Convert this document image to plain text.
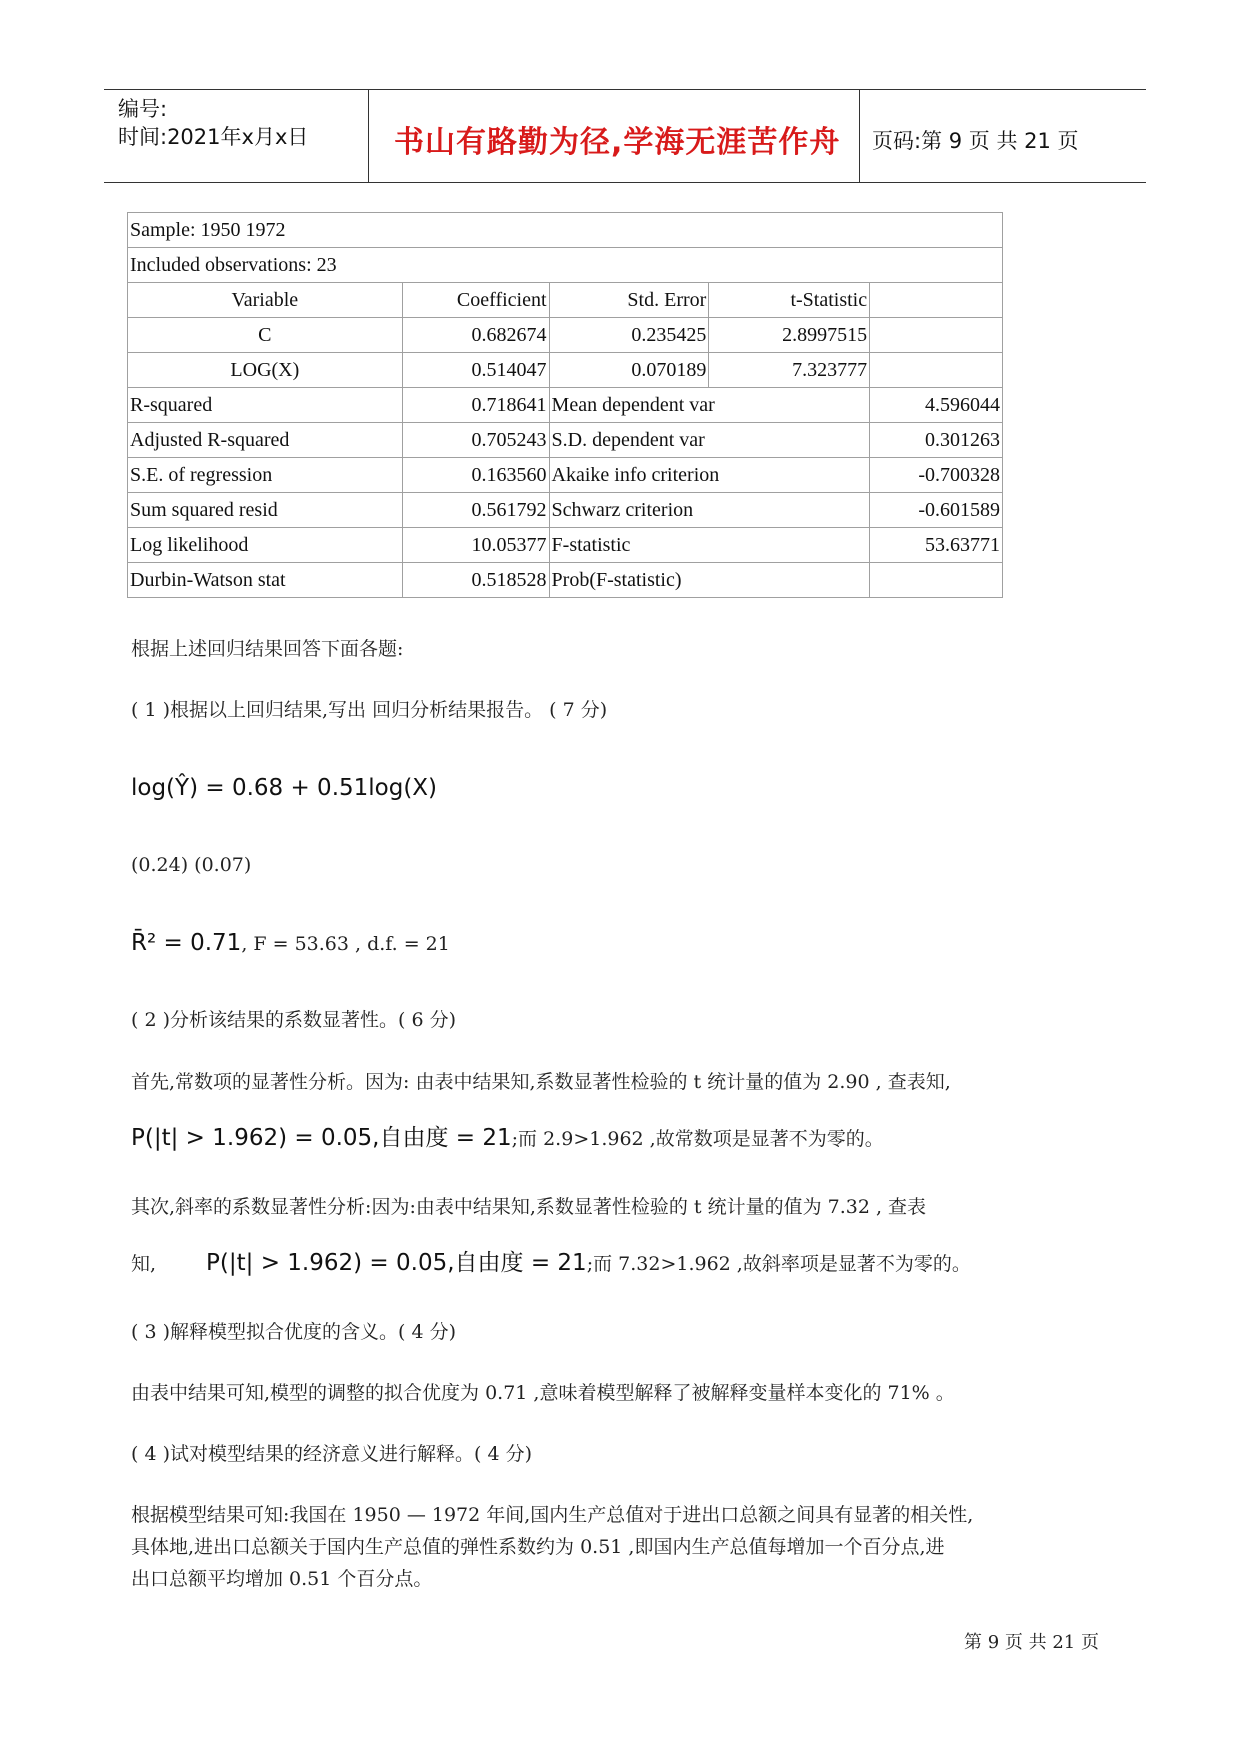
编号:
时间:2021年x月x日	书山有路勤为径,学海无涯苦作舟 页码:第 9 页 共 21 页
Sample: 1950 1972				
Included observations: 23				
Variable	Coefficient	Std. Error	t-Statistic	
C	0.682674	0.235425	2.8997515	
LOG(X)	0.514047	0.070189	7.323777	
R-squared	0.718641	Mean dependent var		4.596044
Adjusted R-squared	0.705243	S.D. dependent var		0.301263
S.E. of regression	0.163560	Akaike info criterion		-0.700328
Sum squared resid	0.561792	Schwarz criterion		-0.601589
Log likelihood	10.05377	F-statistic		53.63771
Durbin-Watson stat	0.518528	Prob(F-statistic)		
根据上述回归结果回答下面各题:
( 1 )根据以上回归结果,写出 回归分析结果报告。 ( 7 分)
log(Ŷ) = 0.68 + 0.51log(X)
(0.24) (0.07)
R̄² = 0.71, F = 53.63 , d.f. = 21
( 2 )分析该结果的系数显著性。( 6 分)
首先,常数项的显著性分析。因为: 由表中结果知,系数显著性检验的 t 统计量的值为 2.90 , 查表知,
P(|t| > 1.962) = 0.05,自由度 = 21;而 2.9>1.962 ,故常数项是显著不为零的。
其次,斜率的系数显著性分析:因为:由表中结果知,系数显著性检验的 t 统计量的值为 7.32 , 查表
知, P(|t| > 1.962) = 0.05,自由度 = 21;而 7.32>1.962 ,故斜率项是显著不为零的。
( 3 )解释模型拟合优度的含义。( 4 分)
由表中结果可知,模型的调整的拟合优度为 0.71 ,意味着模型解释了被解释变量样本变化的 71% 。
( 4 )试对模型结果的经济意义进行解释。( 4 分)
根据模型结果可知:我国在 1950 — 1972 年间,国内生产总值对于进出口总额之间具有显著的相关性,
具体地,进出口总额关于国内生产总值的弹性系数约为 0.51 ,即国内生产总值每增加一个百分点,进
出口总额平均增加 0.51 个百分点。
第 9 页 共 21 页
